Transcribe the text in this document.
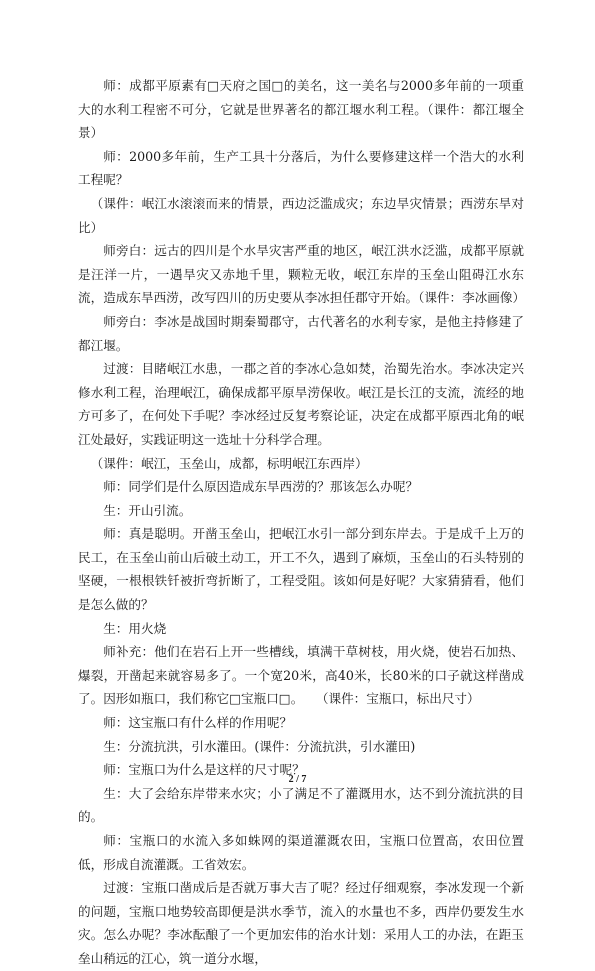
师：成都平原素有□天府之国□的美名，这一美名与2000多年前的一项重大的水利工程密不可分，它就是世界著名的都江堰水利工程。（课件：都江堰全景）

师：2000多年前，生产工具十分落后，为什么要修建这样一个浩大的水利工程呢？

（课件：岷江水滚滚而来的情景，西边泛滥成灾；东边旱灾情景；西涝东旱对比）

师旁白：远古的四川是个水旱灾害严重的地区，岷江洪水泛滥，成都平原就是汪洋一片，一遇旱灾又赤地千里，颗粒无收，岷江东岸的玉垒山阻碍江水东流，造成东旱西涝，改写四川的历史要从李冰担任郡守开始。（课件：李冰画像）

师旁白：李冰是战国时期秦蜀郡守，古代著名的水利专家，是他主持修建了都江堰。

过渡：目睹岷江水患，一郡之首的李冰心急如焚，治蜀先治水。李冰决定兴修水利工程，治理岷江，确保成都平原旱涝保收。岷江是长江的支流，流经的地方可多了，在何处下手呢？李冰经过反复考察论证，决定在成都平原西北角的岷江处最好，实践证明这一选址十分科学合理。

（课件：岷江，玉垒山，成都，标明岷江东西岸）

师：同学们是什么原因造成东旱西涝的？那该怎么办呢？

生：开山引流。

师：真是聪明。开凿玉垒山，把岷江水引一部分到东岸去。于是成千上万的民工，在玉垒山前山后破土动工，开工不久，遇到了麻烦，玉垒山的石头特别的坚硬，一根根铁钎被折弯折断了，工程受阻。该如何是好呢？大家猜猜看，他们是怎么做的？

生：用火烧

师补充：他们在岩石上开一些槽线，填满干草树枝，用火烧，使岩石加热、爆裂，开凿起来就容易多了。一个宽20米，高40米，长80米的口子就这样凿成了。因形如瓶口，我们称它□宝瓶口□。　　（课件：宝瓶口，标出尺寸）

师：这宝瓶口有什么样的作用呢？

生：分流抗洪，引水灌田。(课件：分流抗洪，引水灌田)

师：宝瓶口为什么是这样的尺寸呢？

生：大了会给东岸带来水灾；小了满足不了灌溉用水，达不到分流抗洪的目的。

师：宝瓶口的水流入多如蛛网的渠道灌溉农田，宝瓶口位置高，农田位置低，形成自流灌溉。工省效宏。

过渡：宝瓶口凿成后是否就万事大吉了呢？经过仔细观察，李冰发现一个新的问题，宝瓶口地势较高即便是洪水季节，流入的水量也不多，西岸仍要发生水灾。怎么办呢？李冰酝酿了一个更加宏伟的治水计划：采用人工的办法，在距玉垒山稍远的江心，筑一道分水堰，

2 / 7
